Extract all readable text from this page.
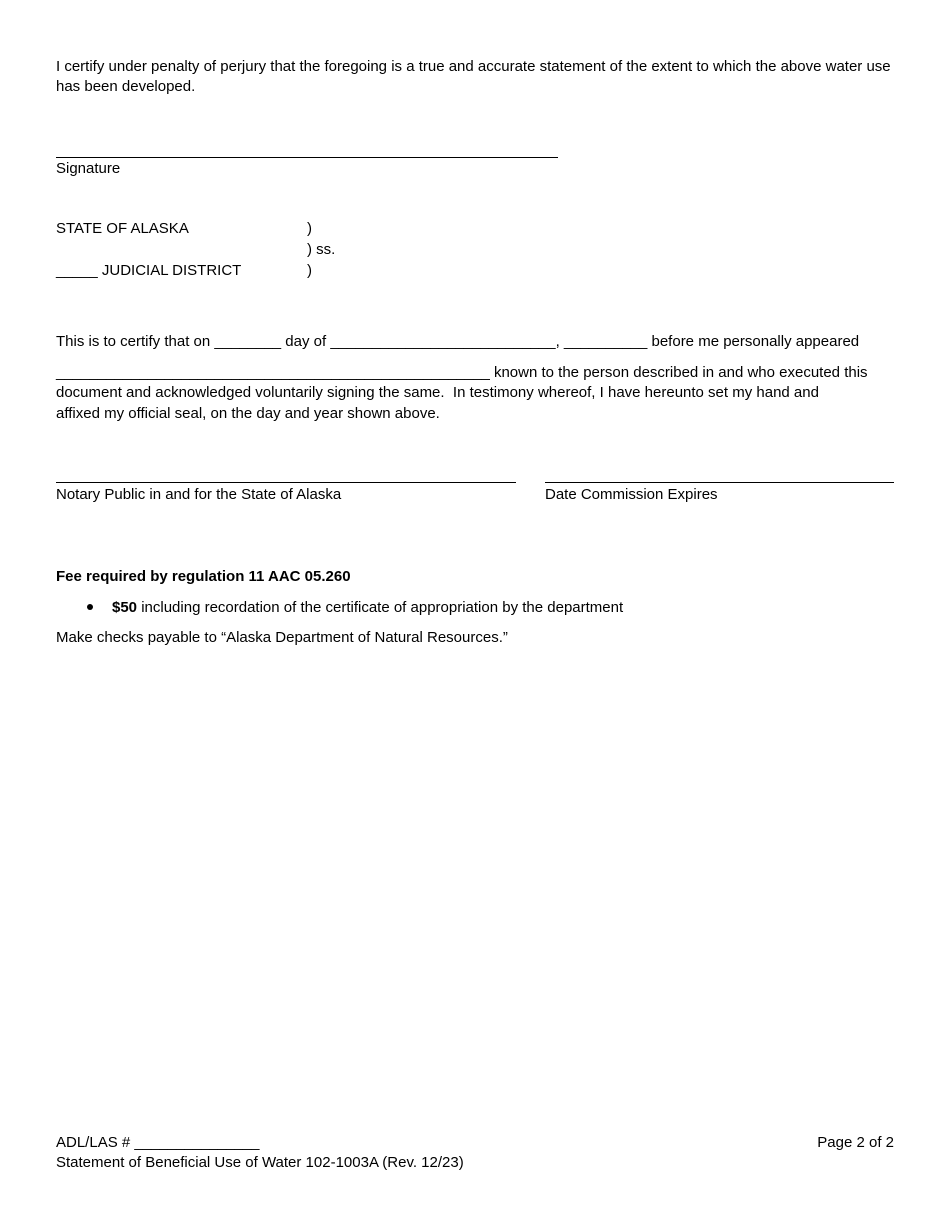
I certify under penalty of perjury that the foregoing is a true and accurate statement of the extent to which the above water use has been developed.
Signature
STATE OF ALASKA	)
) ss.
_____ JUDICIAL DISTRICT	)
This is to certify that on ________ day of ___________________________, __________ before me personally appeared
____________________________________________________ known to the person described in and who executed this
document and acknowledged voluntarily signing the same.  In testimony whereof, I have hereunto set my hand and
affixed my official seal, on the day and year shown above.
Notary Public in and for the State of Alaska	Date Commission Expires
Fee required by regulation 11 AAC 05.260
$50 including recordation of the certificate of appropriation by the department
Make checks payable to “Alaska Department of Natural Resources.”
ADL/LAS # _______________
Statement of Beneficial Use of Water 102-1003A (Rev. 12/23)
Page 2 of 2
